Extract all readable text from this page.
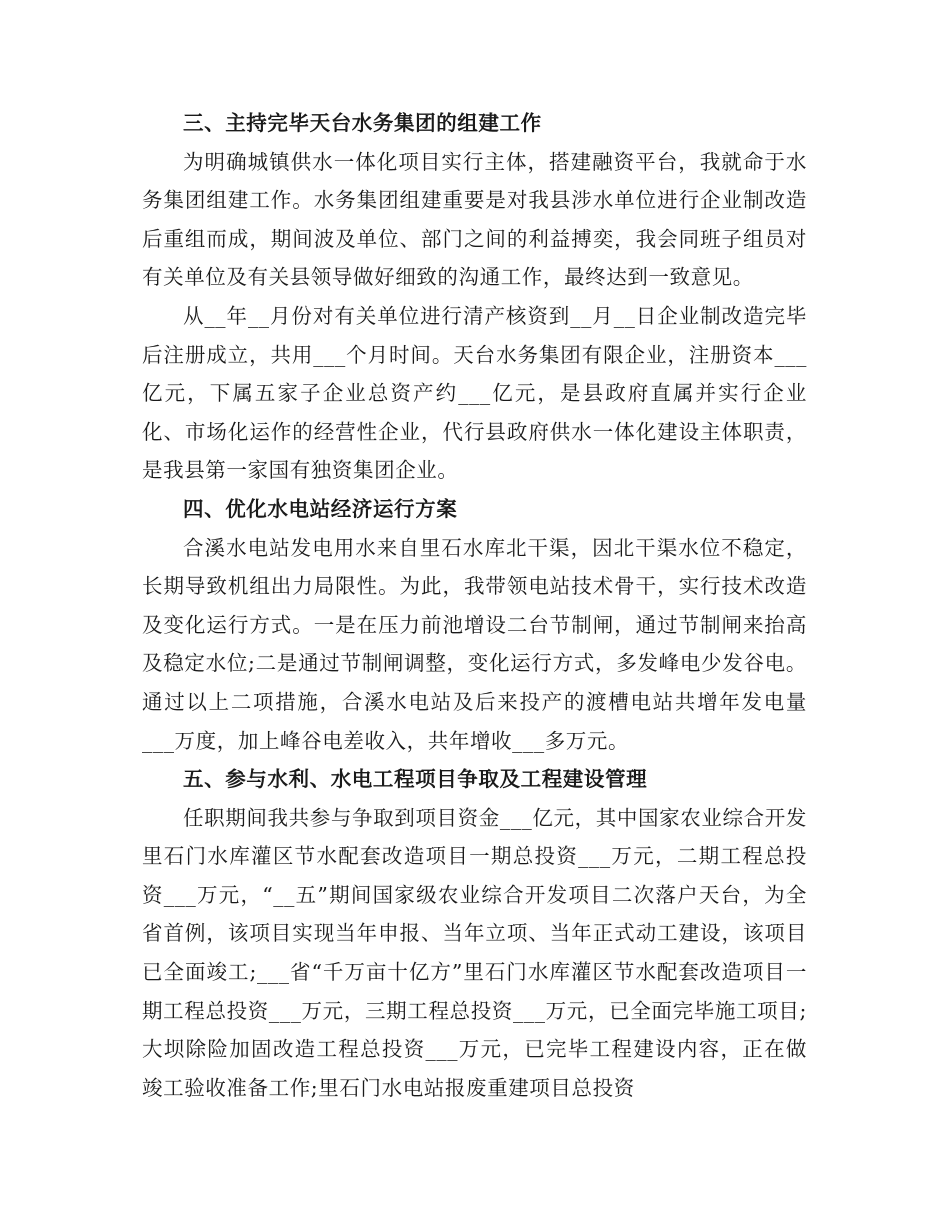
三、主持完毕天台水务集团的组建工作

为明确城镇供水一体化项目实行主体，搭建融资平台，我就命于水务集团组建工作。水务集团组建重要是对我县涉水单位进行企业制改造后重组而成，期间波及单位、部门之间的利益搏奕，我会同班子组员对有关单位及有关县领导做好细致的沟通工作，最终达到一致意见。

从__年__月份对有关单位进行清产核资到__月__日企业制改造完毕后注册成立，共用___个月时间。天台水务集团有限企业，注册资本___亿元，下属五家子企业总资产约___亿元，是县政府直属并实行企业化、市场化运作的经营性企业，代行县政府供水一体化建设主体职责，是我县第一家国有独资集团企业。

四、优化水电站经济运行方案

合溪水电站发电用水来自里石水库北干渠，因北干渠水位不稳定，长期导致机组出力局限性。为此，我带领电站技术骨干，实行技术改造及变化运行方式。一是在压力前池增设二台节制闸，通过节制闸来抬高及稳定水位;二是通过节制闸调整，变化运行方式，多发峰电少发谷电。通过以上二项措施，合溪水电站及后来投产的渡槽电站共增年发电量___万度，加上峰谷电差收入，共年增收___多万元。

五、参与水利、水电工程项目争取及工程建设管理

任职期间我共参与争取到项目资金___亿元，其中国家农业综合开发里石门水库灌区节水配套改造项目一期总投资___万元，二期工程总投资___万元，“__五”期间国家级农业综合开发项目二次落户天台，为全省首例，该项目实现当年申报、当年立项、当年正式动工建设，该项目已全面竣工;___省“千万亩十亿方”里石门水库灌区节水配套改造项目一期工程总投资___万元，三期工程总投资___万元，已全面完毕施工项目;大坝除险加固改造工程总投资___万元，已完毕工程建设内容，正在做竣工验收准备工作;里石门水电站报废重建项目总投资
